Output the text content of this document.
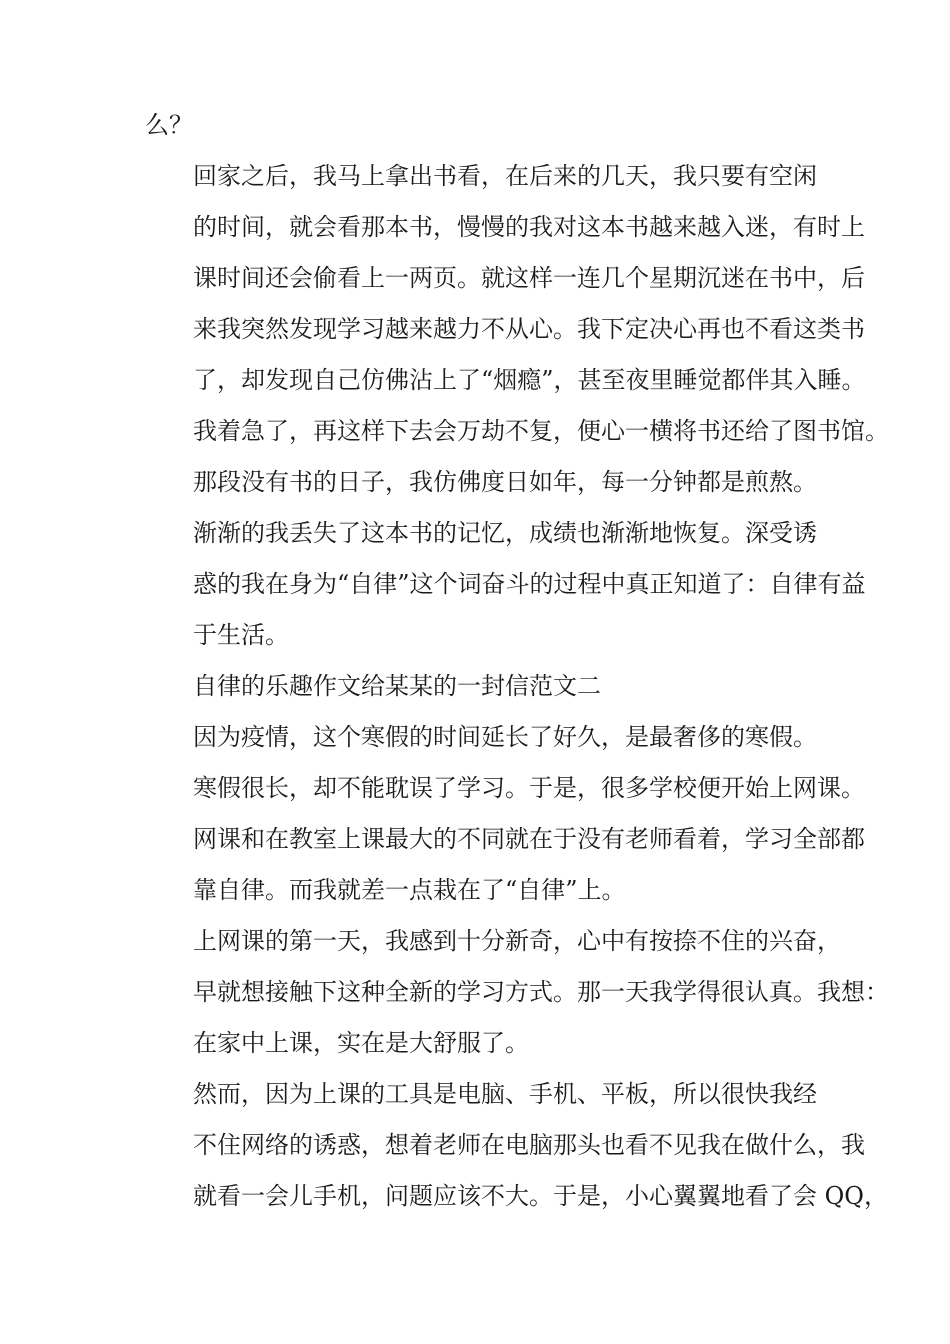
么？

回家之后，我马上拿出书看，在后来的几天，我只要有空闲
的时间，就会看那本书，慢慢的我对这本书越来越入迷，有时上
课时间还会偷看上一两页。就这样一连几个星期沉迷在书中，后
来我突然发现学习越来越力不从心。我下定决心再也不看这类书
了，却发现自己仿佛沾上了“烟瘾”，甚至夜里睡觉都伴其入睡。
我着急了，再这样下去会万劫不复，便心一横将书还给了图书馆。
那段没有书的日子，我仿佛度日如年，每一分钟都是煎熬。

渐渐的我丢失了这本书的记忆，成绩也渐渐地恢复。深受诱
惑的我在身为“自律”这个词奋斗的过程中真正知道了：自律有益
于生活。

自律的乐趣作文给某某的一封信范文二

因为疫情，这个寒假的时间延长了好久，是最奢侈的寒假。
寒假很长，却不能耽误了学习。于是，很多学校便开始上网课。
网课和在教室上课最大的不同就在于没有老师看着，学习全部都
靠自律。而我就差一点栽在了“自律”上。

上网课的第一天，我感到十分新奇，心中有按捺不住的兴奋，
早就想接触下这种全新的学习方式。那一天我学得很认真。我想：
在家中上课，实在是大舒服了。

然而，因为上课的工具是电脑、手机、平板，所以很快我经
不住网络的诱惑，想着老师在电脑那头也看不见我在做什么，我
就看一会儿手机，问题应该不大。于是，小心翼翼地看了会 QQ，
